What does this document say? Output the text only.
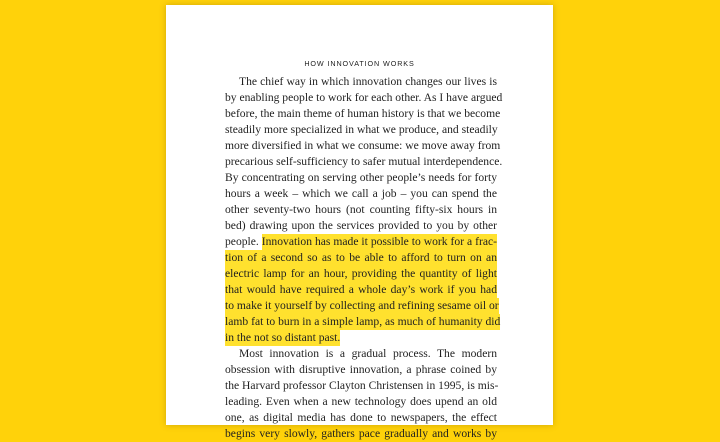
HOW INNOVATION WORKS
The chief way in which innovation changes our lives is
by enabling people to work for each other. As I have argued
before, the main theme of human history is that we become
steadily more specialized in what we produce, and steadily
more diversified in what we consume: we move away from
precarious self-sufficiency to safer mutual interdependence.
By concentrating on serving other people’s needs for forty
hours a week – which we call a job – you can spend the
other seventy-two hours (not counting fifty-six hours in
bed) drawing upon the services provided to you by other
people. Innovation has made it possible to work for a frac-
tion of a second so as to be able to afford to turn on an
electric lamp for an hour, providing the quantity of light
that would have required a whole day’s work if you had
to make it yourself by collecting and refining sesame oil or
lamb fat to burn in a simple lamp, as much of humanity did
in the not so distant past.
Most innovation is a gradual process. The modern
obsession with disruptive innovation, a phrase coined by
the Harvard professor Clayton Christensen in 1995, is mis-
leading. Even when a new technology does upend an old
one, as digital media has done to newspapers, the effect
begins very slowly, gathers pace gradually and works by
